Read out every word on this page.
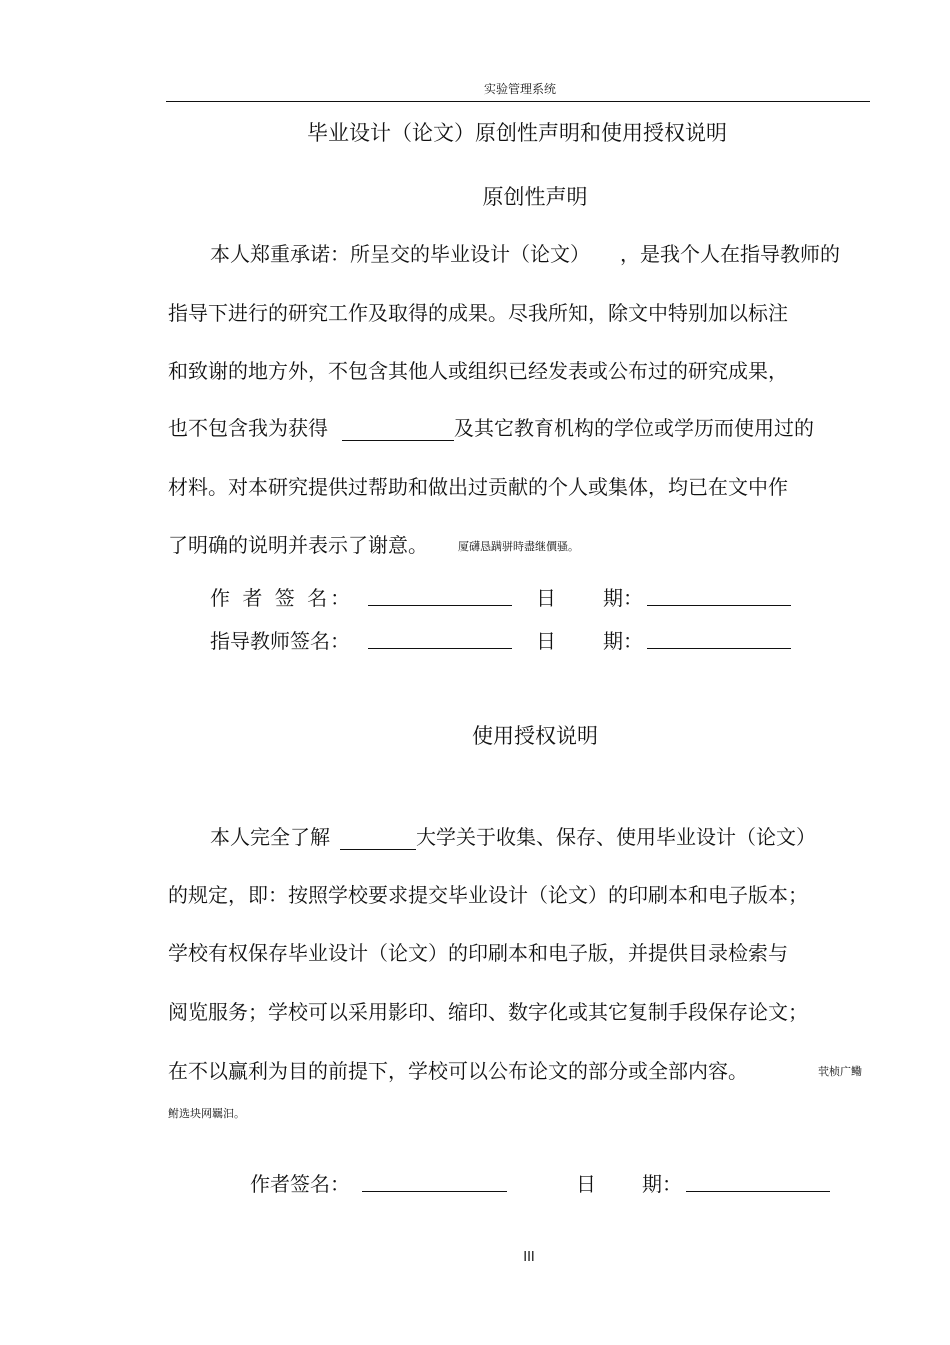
实验管理系统
毕业设计（论文）原创性声明和使用授权说明
原创性声明
本人郑重承诺：所呈交的毕业设计（论文） ，是我个人在指导教师的
指导下进行的研究工作及取得的成果。尽我所知，除文中特别加以标注
和致谢的地方外，不包含其他人或组织已经发表或公布过的研究成果，
也不包含我为获得	及其它教育机构的学位或学历而使用过的
材料。对本研究提供过帮助和做出过贡献的个人或集体，均已在文中作
了明确的说明并表示了谢意。	厦礴恳蹒骈時盡继價骚。
作 者 签 名：	日 期：
指导教师签名：	日 期：
使用授权说明
本人完全了解	大学关于收集、保存、使用毕业设计（论文）
的规定，即：按照学校要求提交毕业设计（论文）的印刷本和电子版本；
学校有权保存毕业设计（论文）的印刷本和电子版，并提供目录检索与
阅览服务；学校可以采用影印、缩印、数字化或其它复制手段保存论文；
在不以赢利为目的前提下，学校可以公布论文的部分或全部内容。	茕桢广鳓
鲋选块网羈汩。
作者签名：	日 期：
III
